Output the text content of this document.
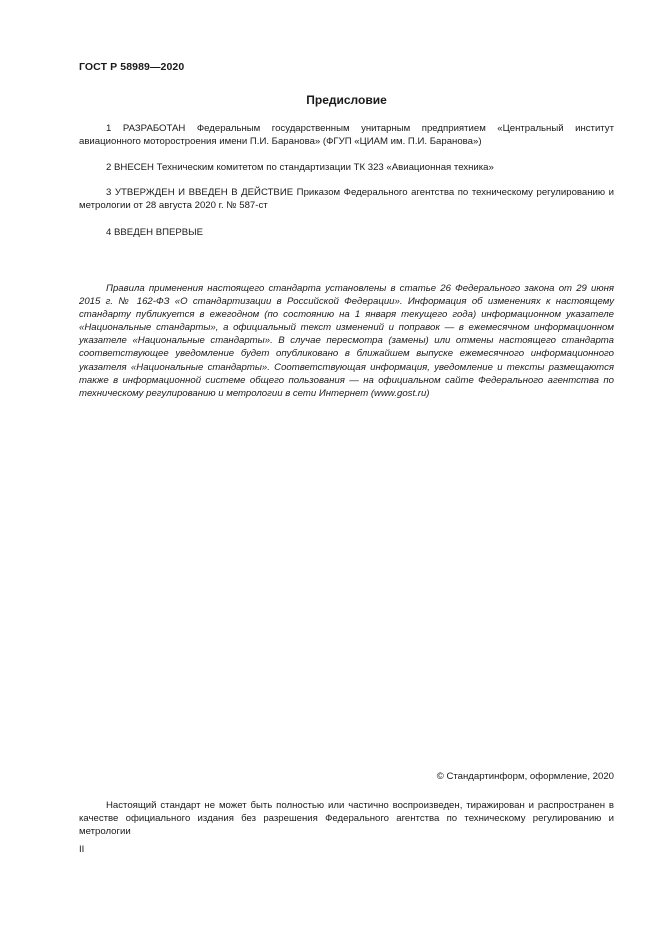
ГОСТ Р 58989—2020
Предисловие

1 РАЗРАБОТАН Федеральным государственным унитарным предприятием «Центральный институт авиационного моторостроения имени П.И. Баранова» (ФГУП «ЦИАМ им. П.И. Баранова»)

2 ВНЕСЕН Техническим комитетом по стандартизации ТК 323 «Авиационная техника»

3 УТВЕРЖДЕН И ВВЕДЕН В ДЕЙСТВИЕ Приказом Федерального агентства по техническому регулированию и метрологии от 28 августа 2020 г. № 587-ст

4 ВВЕДЕН ВПЕРВЫЕ

Правила применения настоящего стандарта установлены в статье 26 Федерального закона от 29 июня 2015 г. № 162-ФЗ «О стандартизации в Российской Федерации». Информация об изменениях к настоящему стандарту публикуется в ежегодном (по состоянию на 1 января текущего года) информационном указателе «Национальные стандарты», а официальный текст изменений и поправок — в ежемесячном информационном указателе «Национальные стандарты». В случае пересмотра (замены) или отмены настоящего стандарта соответствующее уведомление будет опубликовано в ближайшем выпуске ежемесячного информационного указателя «Национальные стандарты». Соответствующая информация, уведомление и тексты размещаются также в информационной системе общего пользования — на официальном сайте Федерального агентства по техническому регулированию и метрологии в сети Интернет (www.gost.ru)

© Стандартинформ, оформление, 2020

Настоящий стандарт не может быть полностью или частично воспроизведен, тиражирован и распространен в качестве официального издания без разрешения Федерального агентства по техническому регулированию и метрологии

II
